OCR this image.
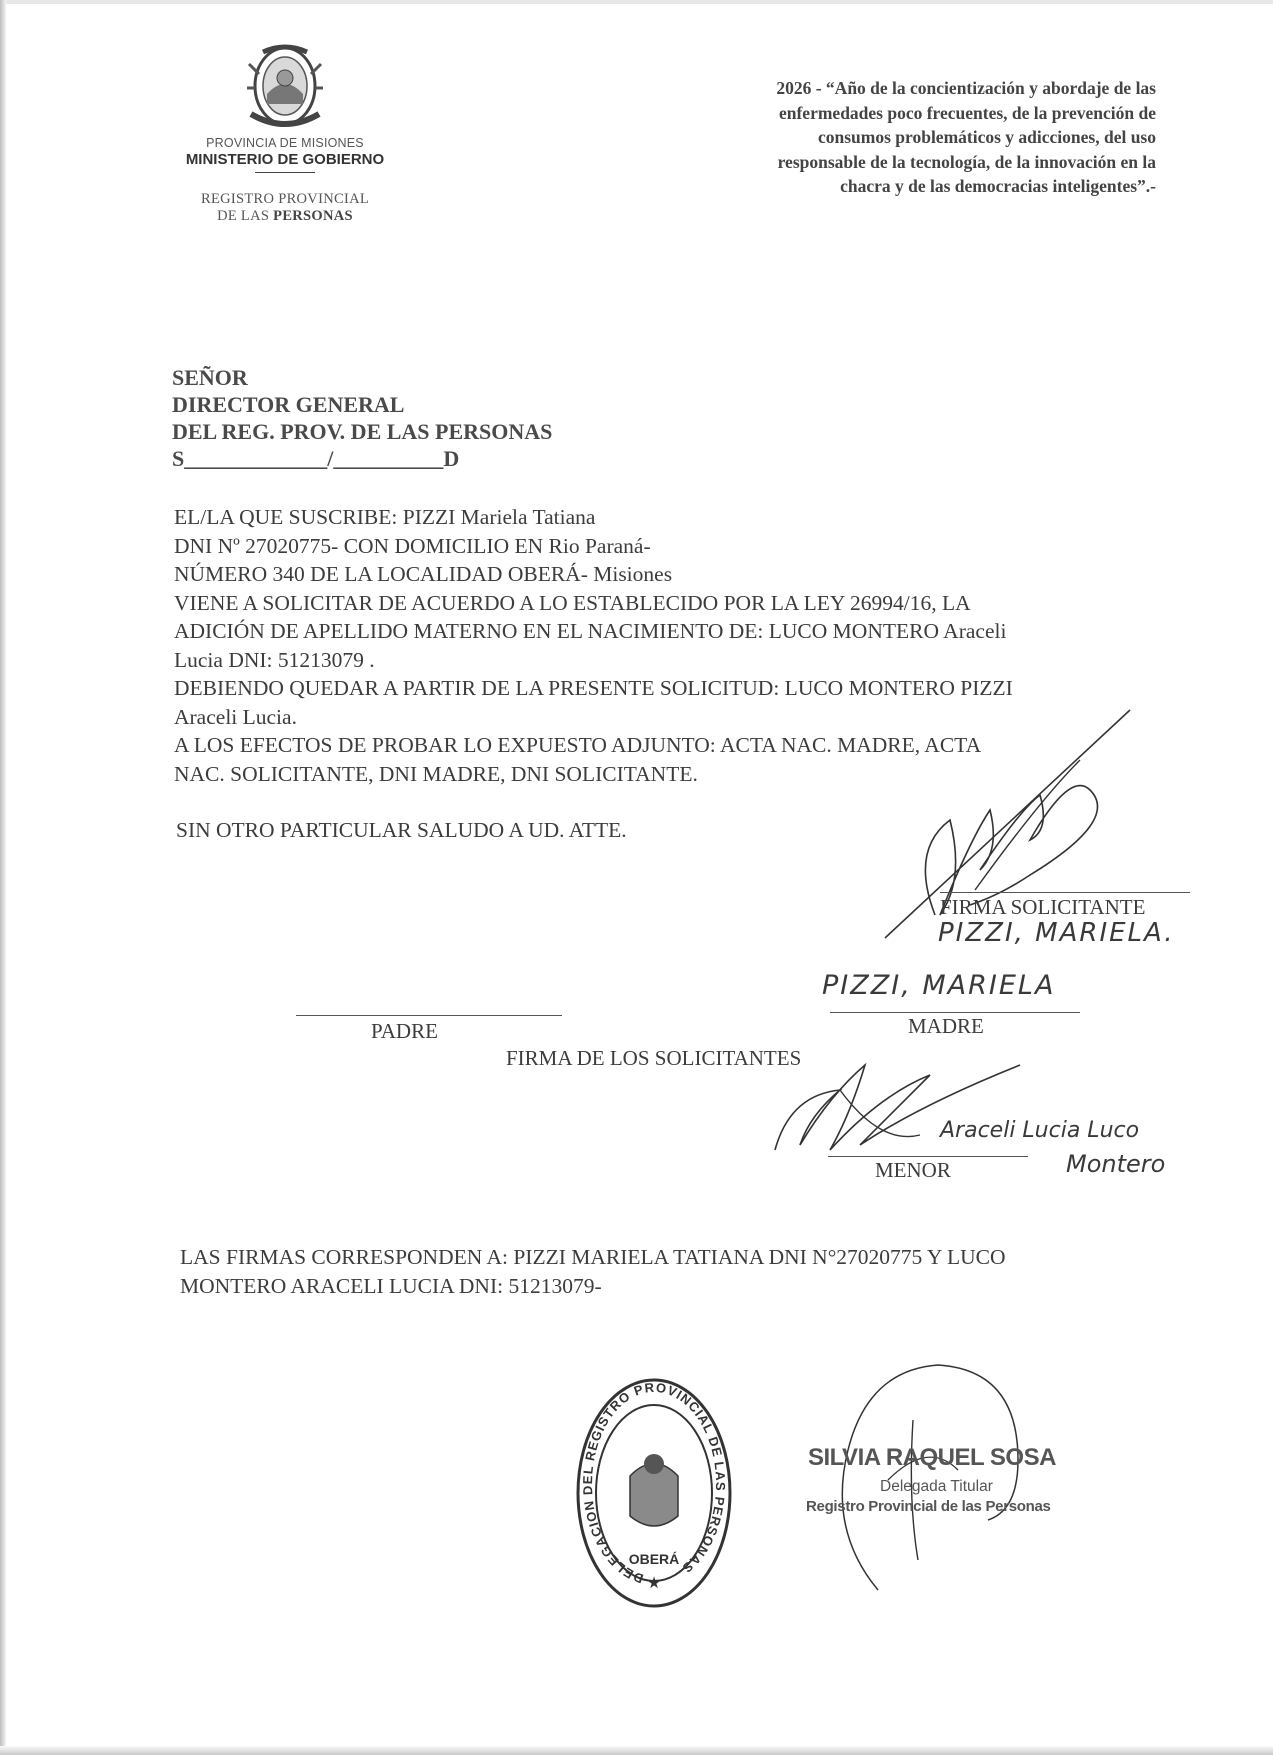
PROVINCIA DE MISIONES
MINISTERIO DE GOBIERNO
REGISTRO PROVINCIAL
DE LAS PERSONAS
2026 - “Año de la concientización y abordaje de las
enfermedades poco frecuentes, de la prevención de
consumos problemáticos y adicciones, del uso
responsable de la tecnología, de la innovación en la
chacra y de las democracias inteligentes”.-
SEÑOR
DIRECTOR GENERAL
DEL REG. PROV. DE LAS PERSONAS
S_____________/__________D
EL/LA QUE SUSCRIBE: PIZZI Mariela Tatiana
DNI Nº 27020775- CON DOMICILIO EN Rio Paraná-
NÚMERO 340 DE LA LOCALIDAD OBERÁ- Misiones
VIENE A SOLICITAR DE ACUERDO A LO ESTABLECIDO POR LA LEY 26994/16, LA
ADICIÓN DE APELLIDO MATERNO EN EL NACIMIENTO DE: LUCO MONTERO Araceli
Lucia DNI: 51213079 .
DEBIENDO QUEDAR A PARTIR DE LA PRESENTE SOLICITUD: LUCO MONTERO PIZZI
Araceli Lucia.
A LOS EFECTOS DE PROBAR LO EXPUESTO ADJUNTO: ACTA NAC. MADRE, ACTA
NAC. SOLICITANTE, DNI MADRE, DNI SOLICITANTE.
SIN OTRO PARTICULAR SALUDO A UD. ATTE.
FIRMA SOLICITANTE
PIZZI, MARIELA.
PADRE
PIZZI, MARIELA
MADRE
FIRMA DE LOS SOLICITANTES
Araceli Lucia Luco
Montero
MENOR
LAS FIRMAS CORRESPONDEN A: PIZZI MARIELA TATIANA DNI N°27020775 Y LUCO
MONTERO ARACELI LUCIA DNI: 51213079-
DELEGACION DEL REGISTRO PROVINCIAL DE LAS PERSONAS
OBERÁ
★
SILVIA RAQUEL SOSA
Delegada Titular
Registro Provincial de las Personas
